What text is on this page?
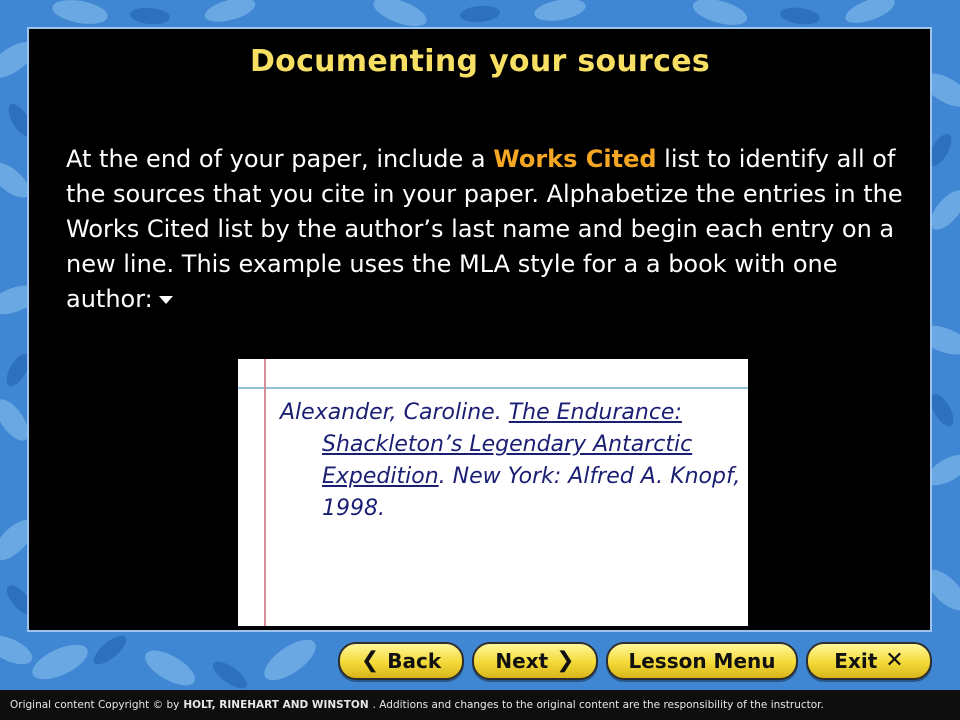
Documenting your sources
At the end of your paper, include a Works Cited list to identify all of the sources that you cite in your paper. Alphabetize the entries in the Works Cited list by the author’s last name and begin each entry on a new line. This example uses the MLA style for a a book with one author:
Alexander, Caroline. The Endurance: Shackleton’s Legendary Antarctic Expedition. New York: Alfred A. Knopf, 1998.
❮ Back	Next ❯	Lesson Menu	Exit ✕
Original content Copyright © by HOLT, RINEHART AND WINSTON . Additions and changes to the original content are the responsibility of the instructor.
